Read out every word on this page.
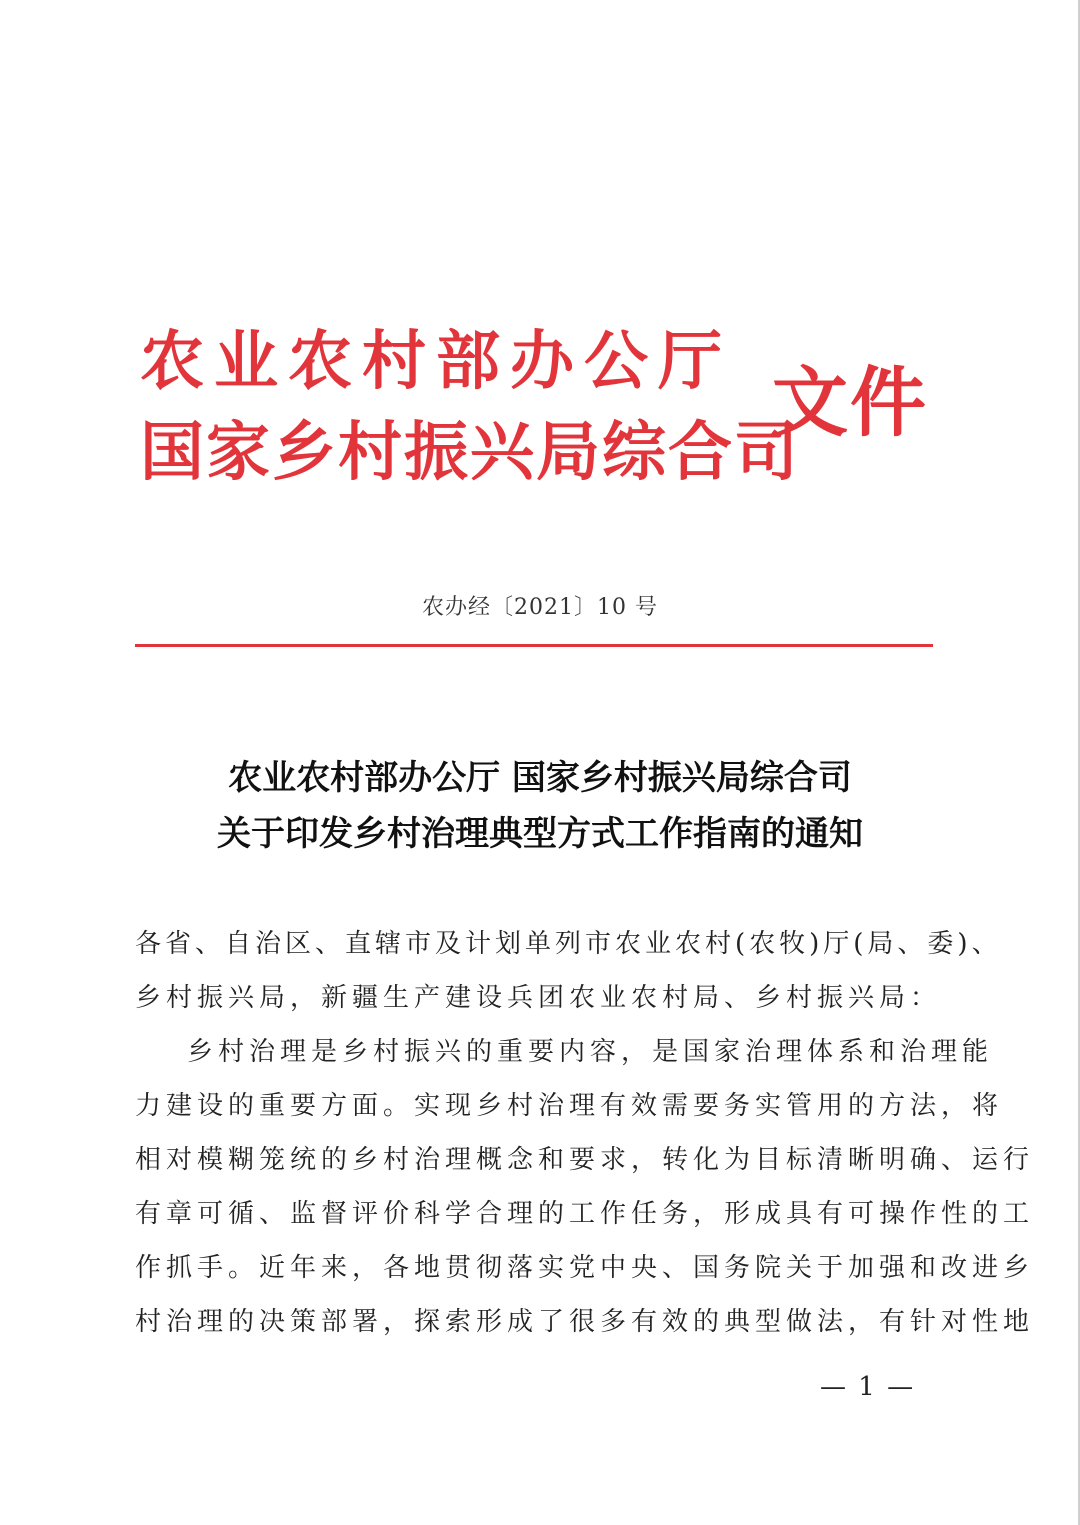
农业农村部办公厅
国家乡村振兴局综合司
文件
农办经〔2021〕10 号
农业农村部办公厅 国家乡村振兴局综合司
关于印发乡村治理典型方式工作指南的通知
各省、自治区、直辖市及计划单列市农业农村(农牧)厅(局、委)、
乡村振兴局，新疆生产建设兵团农业农村局、乡村振兴局：
乡村治理是乡村振兴的重要内容，是国家治理体系和治理能
力建设的重要方面。实现乡村治理有效需要务实管用的方法，将
相对模糊笼统的乡村治理概念和要求，转化为目标清晰明确、运行
有章可循、监督评价科学合理的工作任务，形成具有可操作性的工
作抓手。近年来，各地贯彻落实党中央、国务院关于加强和改进乡
村治理的决策部署，探索形成了很多有效的典型做法，有针对性地
— 1 —
